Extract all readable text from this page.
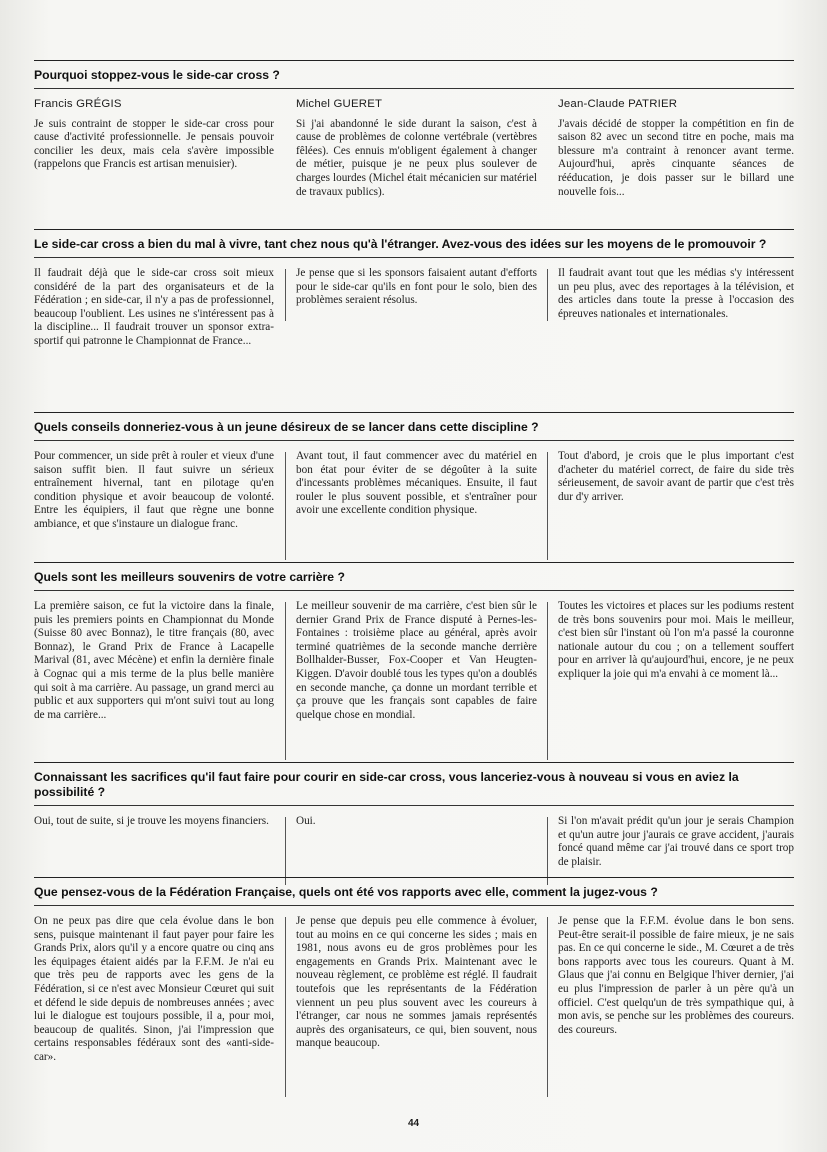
Pourquoi stoppez-vous le side-car cross ?

Francis GRÉGIS

Je suis contraint de stopper le side-car cross pour cause d'activité professionnelle. Je pensais pouvoir concilier les deux, mais cela s'avère impossible (rappelons que Francis est artisan menuisier).

Michel GUERET

Si j'ai abandonné le side durant la saison, c'est à cause de problèmes de colonne vertébrale (vertèbres fêlées). Ces ennuis m'obligent également à changer de métier, puisque je ne peux plus soulever de charges lourdes (Michel était mécanicien sur matériel de travaux publics).

Jean-Claude PATRIER

J'avais décidé de stopper la compétition en fin de saison 82 avec un second titre en poche, mais ma blessure m'a contraint à renoncer avant terme. Aujourd'hui, après cinquante séances de rééducation, je dois passer sur le billard une nouvelle fois...

Le side-car cross a bien du mal à vivre, tant chez nous qu'à l'étranger. Avez-vous des idées sur les moyens de le promouvoir ?

Il faudrait déjà que le side-car cross soit mieux considéré de la part des organisateurs et de la Fédération ; en side-car, il n'y a pas de professionnel, beaucoup l'oublient. Les usines ne s'intéressent pas à la discipline... Il faudrait trouver un sponsor extra-sportif qui patronne le Championnat de France...

Je pense que si les sponsors faisaient autant d'efforts pour le side-car qu'ils en font pour le solo, bien des problèmes seraient résolus.

Il faudrait avant tout que les médias s'y intéressent un peu plus, avec des reportages à la télévision, et des articles dans toute la presse à l'occasion des épreuves nationales et internationales.

Quels conseils donneriez-vous à un jeune désireux de se lancer dans cette discipline ?

Pour commencer, un side prêt à rouler et vieux d'une saison suffit bien. Il faut suivre un sérieux entraînement hivernal, tant en pilotage qu'en condition physique et avoir beaucoup de volonté. Entre les équipiers, il faut que règne une bonne ambiance, et que s'instaure un dialogue franc.

Avant tout, il faut commencer avec du matériel en bon état pour éviter de se dégoûter à la suite d'incessants problèmes mécaniques. Ensuite, il faut rouler le plus souvent possible, et s'entraîner pour avoir une excellente condition physique.

Tout d'abord, je crois que le plus important c'est d'acheter du matériel correct, de faire du side très sérieusement, de savoir avant de partir que c'est très dur d'y arriver.

Quels sont les meilleurs souvenirs de votre carrière ?

La première saison, ce fut la victoire dans la finale, puis les premiers points en Championnat du Monde (Suisse 80 avec Bonnaz), le titre français (80, avec Bonnaz), le Grand Prix de France à Lacapelle Marival (81, avec Mécène) et enfin la dernière finale à Cognac qui a mis terme de la plus belle manière qui soit à ma carrière. Au passage, un grand merci au public et aux supporters qui m'ont suivi tout au long de ma carrière...

Le meilleur souvenir de ma carrière, c'est bien sûr le dernier Grand Prix de France disputé à Pernes-les-Fontaines : troisième place au général, après avoir terminé quatrièmes de la seconde manche derrière Bollhalder-Busser, Fox-Cooper et Van Heugten-Kiggen. D'avoir doublé tous les types qu'on a doublés en seconde manche, ça donne un mordant terrible et ça prouve que les français sont capables de faire quelque chose en mondial.

Toutes les victoires et places sur les podiums restent de très bons souvenirs pour moi. Mais le meilleur, c'est bien sûr l'instant où l'on m'a passé la couronne nationale autour du cou ; on a tellement souffert pour en arriver là qu'aujourd'hui, encore, je ne peux expliquer la joie qui m'a envahi à ce moment là...

Connaissant les sacrifices qu'il faut faire pour courir en side-car cross, vous lanceriez-vous à nouveau si vous en aviez la possibilité ?

Oui, tout de suite, si je trouve les moyens financiers.	Oui.	Si l'on m'avait prédit qu'un jour je serais Champion et qu'un autre jour j'aurais ce grave accident, j'aurais foncé quand même car j'ai trouvé dans ce sport trop de plaisir.

Que pensez-vous de la Fédération Française, quels ont été vos rapports avec elle, comment la jugez-vous ?

On ne peux pas dire que cela évolue dans le bon sens, puisque maintenant il faut payer pour faire les Grands Prix, alors qu'il y a encore quatre ou cinq ans les équipages étaient aidés par la F.F.M. Je n'ai eu que très peu de rapports avec les gens de la Fédération, si ce n'est avec Monsieur Cœuret qui suit et défend le side depuis de nombreuses années ; avec lui le dialogue est toujours possible, il a, pour moi, beaucoup de qualités. Sinon, j'ai l'impression que certains responsables fédéraux sont des «anti-side-car».

Je pense que depuis peu elle commence à évoluer, tout au moins en ce qui concerne les sides ; mais en 1981, nous avons eu de gros problèmes pour les engagements en Grands Prix. Maintenant avec le nouveau règlement, ce problème est réglé. Il faudrait toutefois que les représentants de la Fédération viennent un peu plus souvent avec les coureurs à l'étranger, car nous ne sommes jamais représentés auprès des organisateurs, ce qui, bien souvent, nous manque beaucoup.

Je pense que la F.F.M. évolue dans le bon sens. Peut-être serait-il possible de faire mieux, je ne sais pas. En ce qui concerne le side., M. Cœuret a de très bons rapports avec tous les coureurs. Quant à M. Glaus que j'ai connu en Belgique l'hiver dernier, j'ai eu plus l'impression de parler à un père qu'à un officiel. C'est quelqu'un de très sympathique qui, à mon avis, se penche sur les problèmes des coureurs. des coureurs.

44
